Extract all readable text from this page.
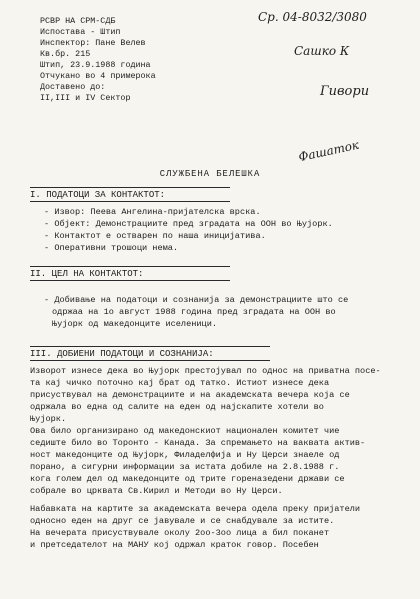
РСВР НА СРМ-СДБ
Испостава - Штип
Инспектор: Пане Велев
Кв.бр. 215
Штип, 23.9.1988 година
Отчукано во 4 примерока
Доставено до:
II,III и IV Сектор
Ср. 04-8032/3080
Сашко К
Гивори
Фашаток
СЛУЖБЕНА БЕЛЕШКА
I. ПОДАТОЦИ ЗА КОНТАКТОТ:
- Извор: Пеева Ангелина-пријателска врска.
- Објект: Демонстрациите пред зградата на ООН во Њујорк.
- Контактот е остварен по наша иницијатива.
- Оперативни трошоци нема.
II. ЦЕЛ НА КОНТАКТОТ:
- Добивање на податоци и сознанија за демонстрациите што се
одржаа на 1о август 1988 година пред зградата на ООН во
Њујорк од македонците иселеници.
III. ДОБИЕНИ ПОДАТОЦИ И СОЗНАНИЈА:
Изворот изнесе дека во Њујорк престојувал по однос на приватна посе-
та кај чичко поточно кај брат од татко. Истиот изнесе дека
присуствувал на демонстрациите и на академската вечера која се
одржала во една од салите на еден од најскапите хотели во
Њујорк.
Ова било организирано од македонскиот национален комитет чие
седиште било во Торонто - Канада. За спремањето на ваквата актив-
ност македонците од Њујорк, Филаделфија и Ну Церси знаеле од
порано, а сигурни информации за истата добиле на 2.8.1988 г.
кога голем дел од македонците од трите гореназедени држави се
собрале во црквата Св.Кирил и Методи во Ну Церси.
Набавката на картите за академската вечера одела преку пријатели
односно еден на друг се јавувале и се снабдувале за истите.
На вечерата присуствувале околу 2оо-3оо лица а бил поканет
и претседателот на МАНУ кој одржал краток говор. Посебен
